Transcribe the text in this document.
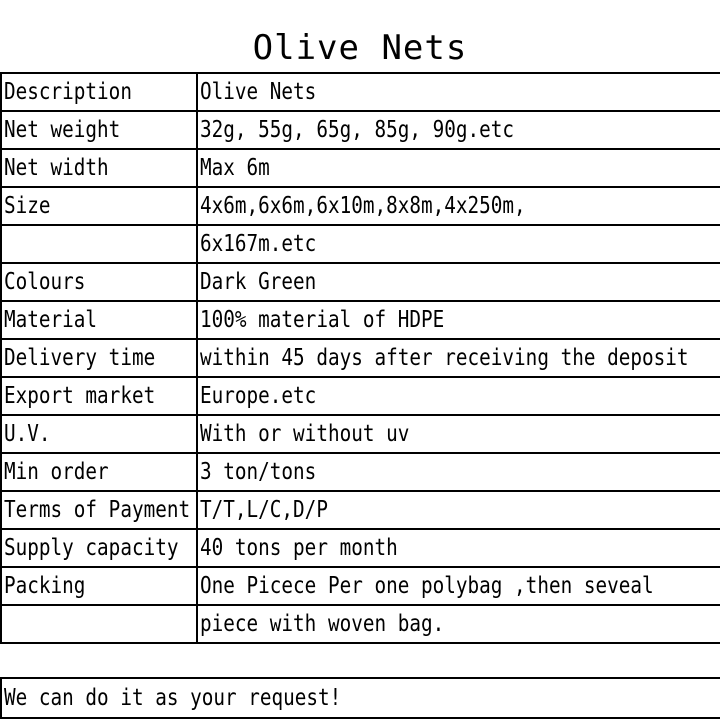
Olive Nets
Description	Olive Nets
Net weight	32g, 55g, 65g, 85g, 90g.etc
Net width	Max 6m
Size	4x6m,6x6m,6x10m,8x8m,4x250m,
	6x167m.etc
Colours	Dark Green
Material	100% material of HDPE
Delivery time	within 45 days after receiving the deposit
Export market	Europe.etc
U.V.	With or without uv
Min order	3 ton/tons
Terms of Payment	T/T,L/C,D/P
Supply capacity	40 tons per month
Packing	One Picece Per one polybag ,then seveal
	piece with woven bag.
We can do it as your request!
